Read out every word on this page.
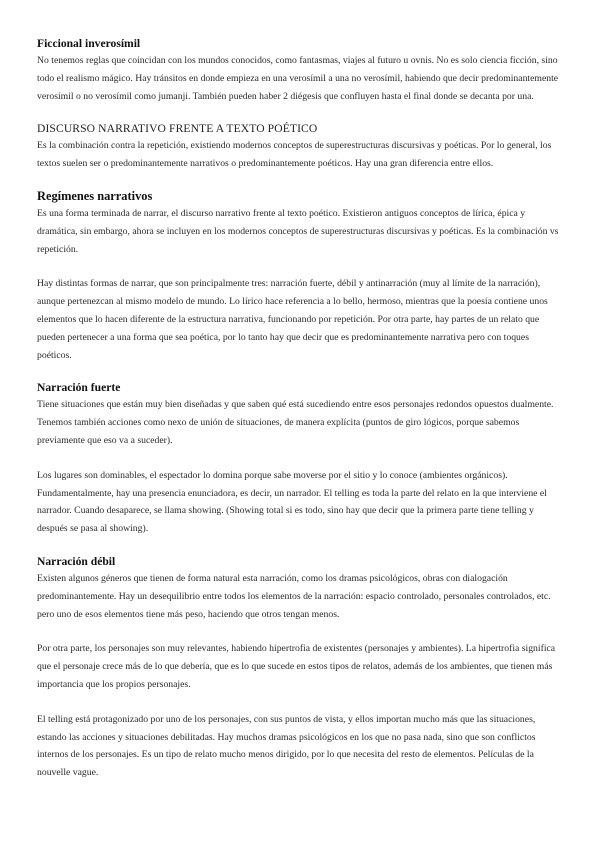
Ficcional inverosímil

No tenemos reglas que coincidan con los mundos conocidos, como fantasmas, viajes al futuro u ovnis. No es solo ciencia ficción, sino todo el realismo mágico. Hay tránsitos en donde empieza en una verosímil a una no verosímil, habiendo que decir predominantemente verosímil o no verosímil como jumanji. También pueden haber 2 diégesis que confluyen hasta el final donde se decanta por una.

DISCURSO NARRATIVO FRENTE A TEXTO POÉTICO

Es la combinación contra la repetición, existiendo modernos conceptos de superestructuras discursivas y poéticas. Por lo general, los textos suelen ser o predominantemente narrativos o predominantemente poéticos. Hay una gran diferencia entre ellos.

Regímenes narrativos

Es una forma terminada de narrar, el discurso narrativo frente al texto poético. Existieron antiguos conceptos de lírica, épica y dramática, sin embargo, ahora se incluyen en los modernos conceptos de superestructuras discursivas y poéticas. Es la combinación vs repetición.

Hay distintas formas de narrar, que son principalmente tres: narración fuerte, débil y antinarración (muy al límite de la narración), aunque pertenezcan al mismo modelo de mundo. Lo lírico hace referencia a lo bello, hermoso, mientras que la poesía contiene unos elementos que lo hacen diferente de la estructura narrativa, funcionando por repetición. Por otra parte, hay partes de un relato que pueden pertenecer a una forma que sea poética, por lo tanto hay que decir que es predominantemente narrativa pero con toques poéticos.

Narración fuerte

Tiene situaciones que están muy bien diseñadas y que saben qué está sucediendo entre esos personajes redondos opuestos dualmente. Tenemos también acciones como nexo de unión de situaciones, de manera explícita (puntos de giro lógicos, porque sabemos previamente que eso va a suceder).

Los lugares son dominables, el espectador lo domina porque sabe moverse por el sitio y lo conoce (ambientes orgánicos). Fundamentalmente, hay una presencia enunciadora, es decir, un narrador. El telling es toda la parte del relato en la que interviene el narrador. Cuando desaparece, se llama showing. (Showing total si es todo, sino hay que decir que la primera parte tiene telling y después se pasa al showing).

Narración débil

Existen algunos géneros que tienen de forma natural esta narración, como los dramas psicológicos, obras con dialogación predominantemente. Hay un desequilibrio entre todos los elementos de la narración: espacio controlado, personales controlados, etc. pero uno de esos elementos tiene más peso, haciendo que otros tengan menos.

Por otra parte, los personajes son muy relevantes, habiendo hipertrofia de existentes (personajes y ambientes). La hipertrofia significa que el personaje crece más de lo que debería, que es lo que sucede en estos tipos de relatos, además de los ambientes, que tienen más importancia que los propios personajes.

El telling está protagonizado por uno de los personajes, con sus puntos de vista, y ellos importan mucho más que las situaciones, estando las acciones y situaciones debilitadas. Hay muchos dramas psicológicos en los que no pasa nada, sino que son conflictos internos de los personajes. Es un tipo de relato mucho menos dirigido, por lo que necesita del resto de elementos. Películas de la nouvelle vague.
